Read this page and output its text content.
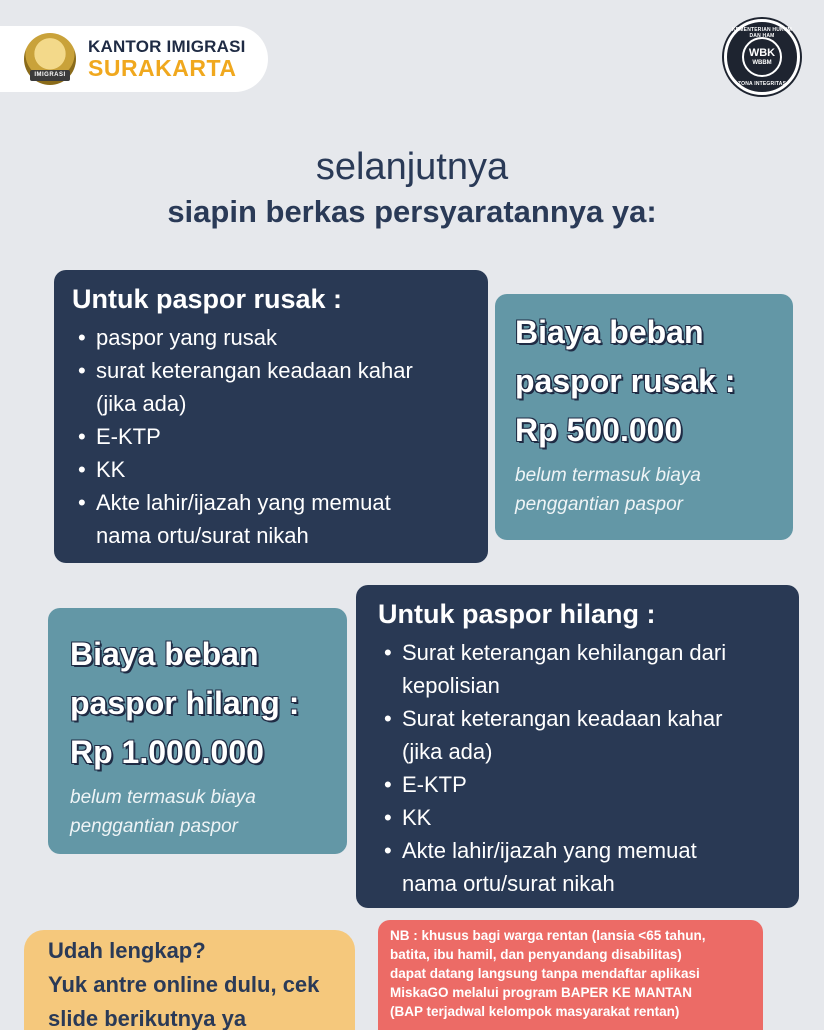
IMIGRASI
KANTOR IMIGRASI
SURAKARTA
KEMENTERIAN HUKUM DAN HAM
WBK
WBBM
ZONA INTEGRITAS
selanjutnya
siapin berkas persyaratannya ya:
Untuk paspor rusak :
• paspor yang rusak
• surat keterangan keadaan kahar
(jika ada)
• E-KTP
• KK
• Akte lahir/ijazah yang memuat
nama ortu/surat nikah
Biaya beban
paspor rusak :
Rp 500.000
belum termasuk biaya
penggantian paspor
Biaya beban
paspor hilang :
Rp 1.000.000
belum termasuk biaya
penggantian paspor
Untuk paspor hilang :
• Surat keterangan kehilangan dari
kepolisian
• Surat keterangan keadaan kahar
(jika ada)
• E-KTP
• KK
• Akte lahir/ijazah yang memuat
nama ortu/surat nikah
Udah lengkap?
Yuk antre online dulu, cek
slide berikutnya ya
NB : khusus bagi warga rentan (lansia <65 tahun,
batita, ibu hamil, dan penyandang disabilitas)
dapat datang langsung tanpa mendaftar aplikasi
MiskaGO melalui program BAPER KE MANTAN
(BAP terjadwal kelompok masyarakat rentan)
